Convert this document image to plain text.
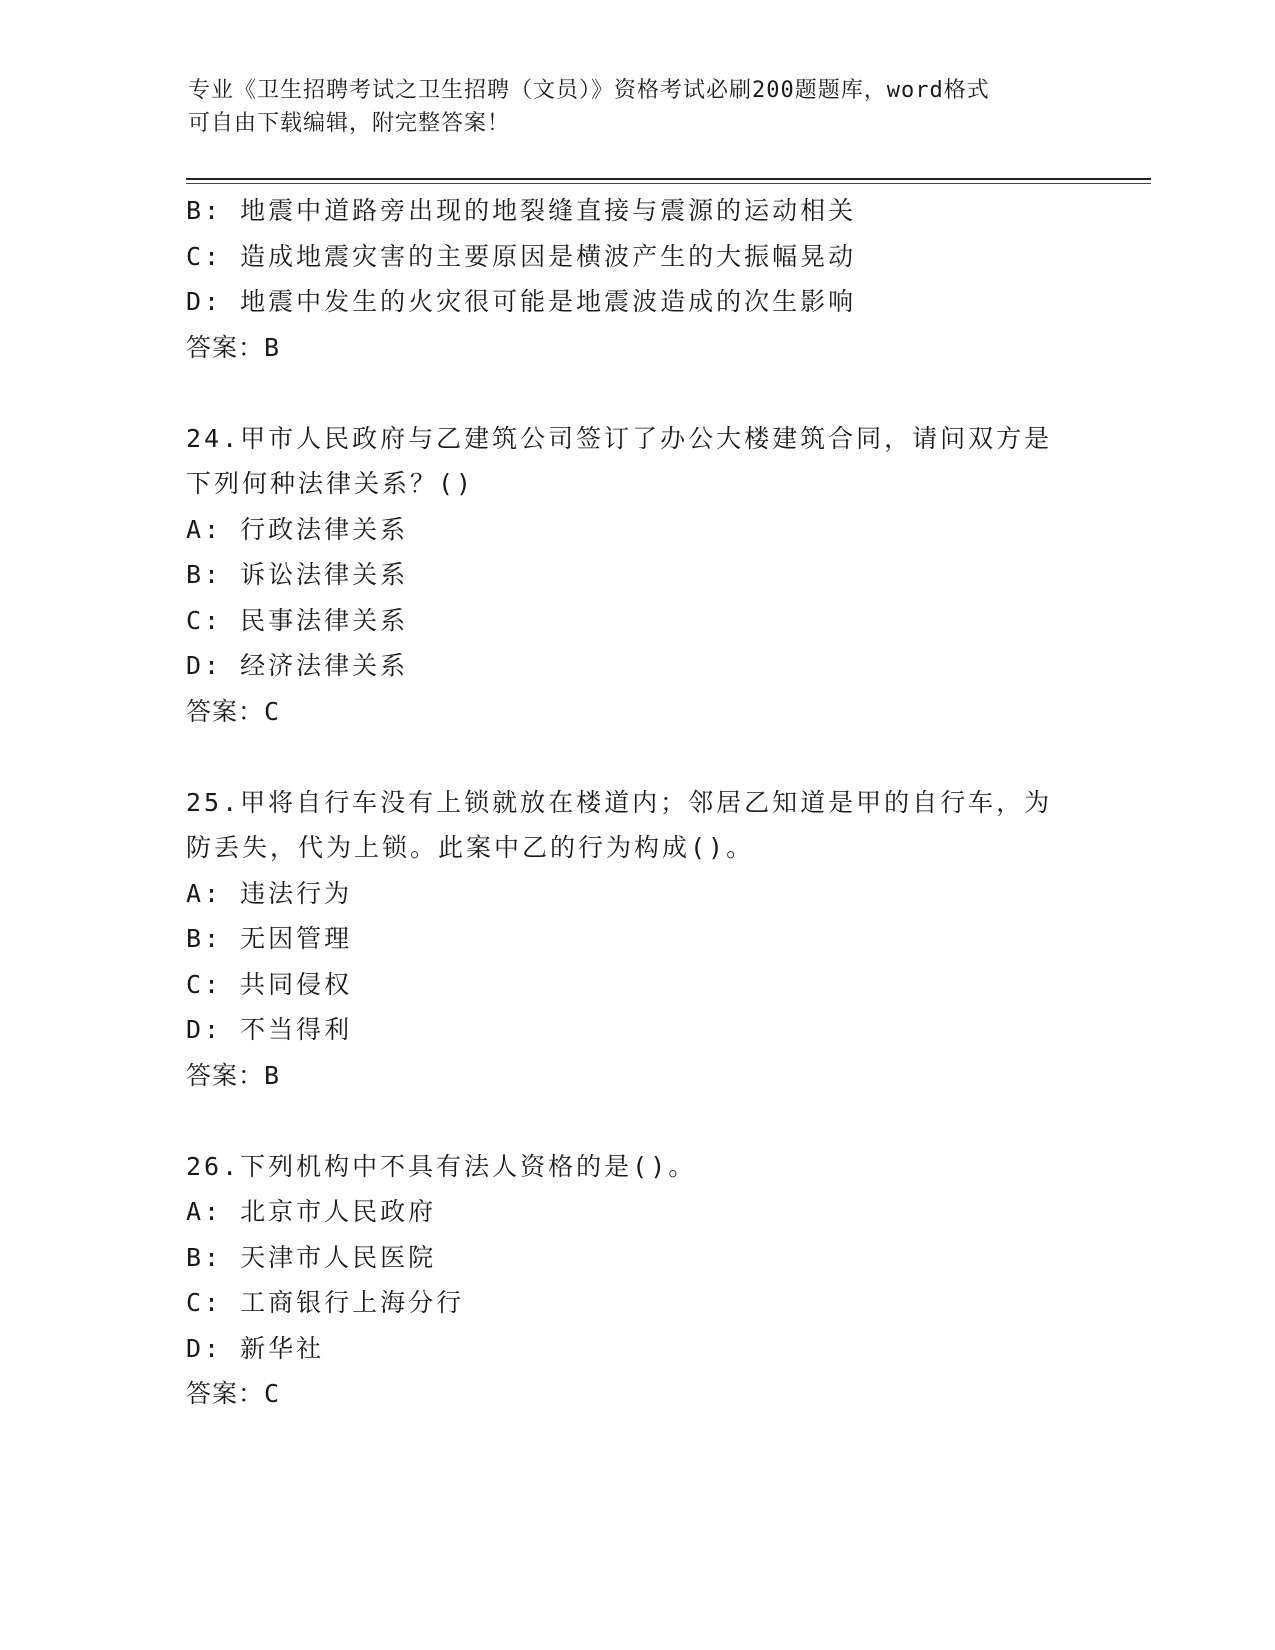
专业《卫生招聘考试之卫生招聘（文员）》资格考试必刷200题题库，word格式
可自由下载编辑，附完整答案！
B: 地震中道路旁出现的地裂缝直接与震源的运动相关
C: 造成地震灾害的主要原因是横波产生的大振幅晃动
D: 地震中发生的火灾很可能是地震波造成的次生影响
答案：B
24.甲市人民政府与乙建筑公司签订了办公大楼建筑合同，请问双方是
下列何种法律关系？()
A: 行政法律关系
B: 诉讼法律关系
C: 民事法律关系
D: 经济法律关系
答案：C
25.甲将自行车没有上锁就放在楼道内；邻居乙知道是甲的自行车，为
防丢失，代为上锁。此案中乙的行为构成()。
A: 违法行为
B: 无因管理
C: 共同侵权
D: 不当得利
答案：B
26.下列机构中不具有法人资格的是()。
A: 北京市人民政府
B: 天津市人民医院
C: 工商银行上海分行
D: 新华社
答案：C
